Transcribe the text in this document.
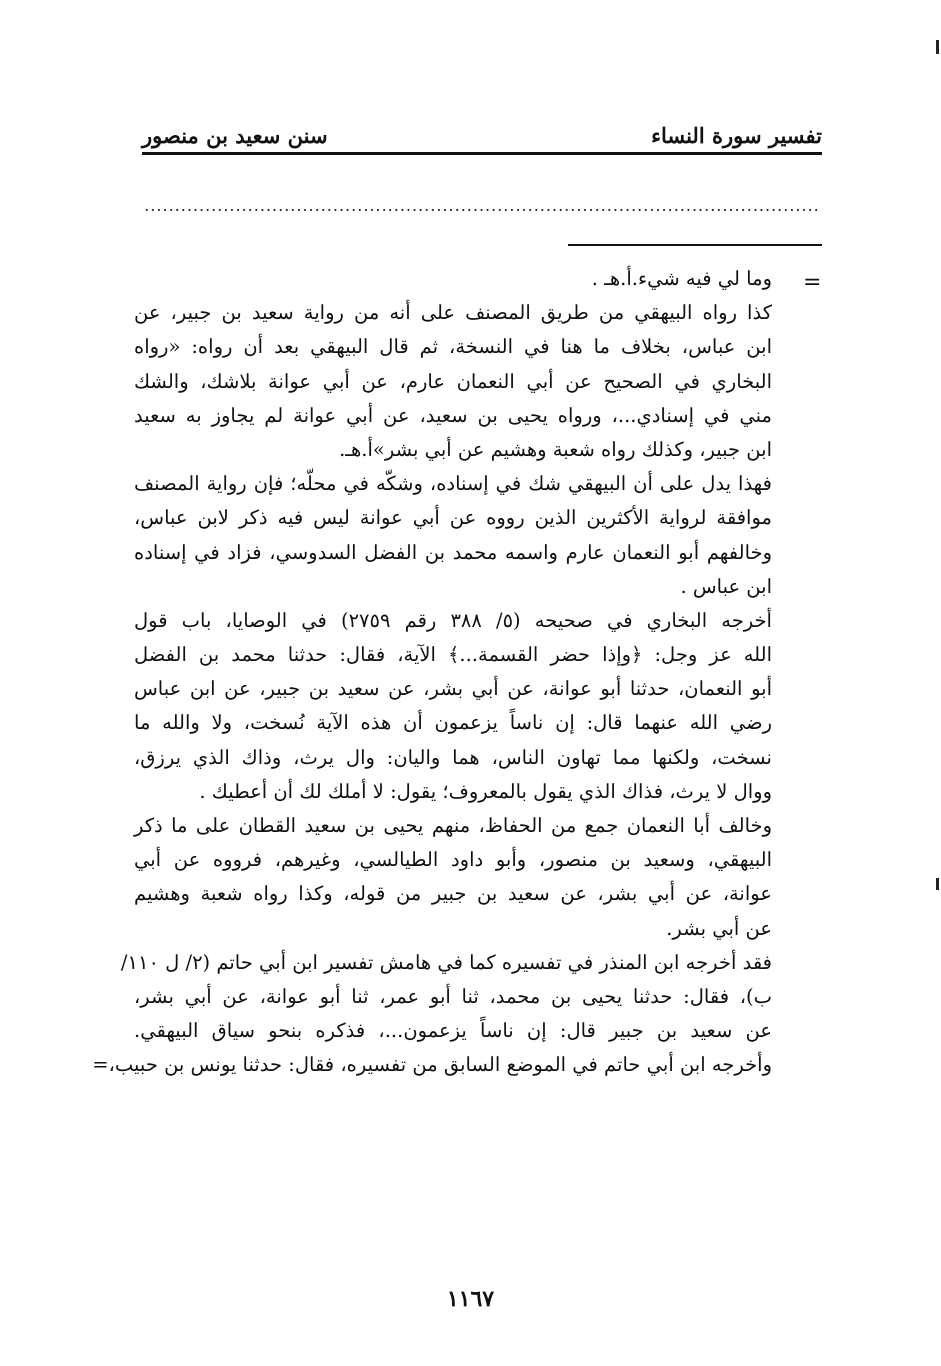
تفسير سورة النساء
سنن سعيد بن منصور
...............................................................................................................
=
وما لي فيه شيء.أ.هـ .
كذا رواه البيهقي من طريق المصنف على أنه من رواية سعيد بن جبير، عن
ابن عباس، بخلاف ما هنا في النسخة، ثم قال البيهقي بعد أن رواه: «رواه
البخاري في الصحيح عن أبي النعمان عارم، عن أبي عوانة بلاشك، والشك
مني في إسنادي...، ورواه يحيى بن سعيد، عن أبي عوانة لم يجاوز به سعيد
ابن جبير، وكذلك رواه شعبة وهشيم عن أبي بشر»أ.هـ.
فهذا يدل على أن البيهقي شك في إسناده، وشكّه في محلّه؛ فإن رواية المصنف
موافقة لرواية الأكثرين الذين رووه عن أبي عوانة ليس فيه ذكر لابن عباس،
وخالفهم أبو النعمان عارم واسمه محمد بن الفضل السدوسي، فزاد في إسناده
ابن عباس .
أخرجه البخاري في صحيحه (٥/ ٣٨٨ رقم ٢٧٥٩) في الوصايا، باب قول
الله عز وجل: ﴿وإذا حضر القسمة...﴾ الآية، فقال: حدثنا محمد بن الفضل
أبو النعمان، حدثنا أبو عوانة، عن أبي بشر، عن سعيد بن جبير، عن ابن عباس
رضي الله عنهما قال: إن ناساً يزعمون أن هذه الآية نُسخت، ولا والله ما
نسخت، ولكنها مما تهاون الناس، هما واليان: وال يرث، وذاك الذي يرزق،
ووال لا يرث، فذاك الذي يقول بالمعروف؛ يقول: لا أملك لك أن أعطيك .
وخالف أبا النعمان جمع من الحفاظ، منهم يحيى بن سعيد القطان على ما ذكر
البيهقي، وسعيد بن منصور، وأبو داود الطيالسي، وغيرهم، فرووه عن أبي
عوانة، عن أبي بشر، عن سعيد بن جبير من قوله، وكذا رواه شعبة وهشيم
عن أبي بشر.
فقد أخرجه ابن المنذر في تفسيره كما في هامش تفسير ابن أبي حاتم (٢/ ل ١١٠/
ب)، فقال: حدثنا يحيى بن محمد، ثنا أبو عمر، ثنا أبو عوانة، عن أبي بشر،
عن سعيد بن جبير قال: إن ناساً يزعمون...، فذكره بنحو سياق البيهقي.
وأخرجه ابن أبي حاتم في الموضع السابق من تفسيره، فقال: حدثنا يونس بن حبيب،=
١١٦٧
